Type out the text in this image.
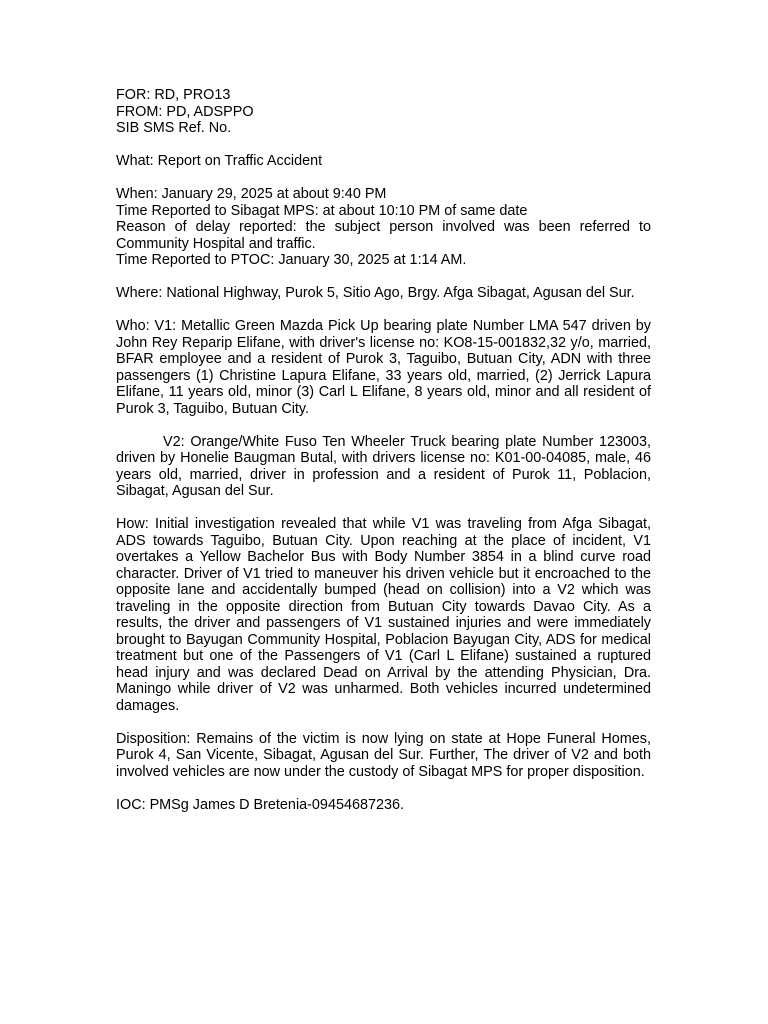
FOR: RD, PRO13
FROM: PD, ADSPPO
SIB SMS Ref. No.
What: Report on Traffic Accident
When: January 29, 2025 at about 9:40 PM
Time Reported to Sibagat MPS: at about 10:10 PM of same date

Reason of delay reported: the subject person involved was been referred to Community Hospital and traffic.

Time Reported to PTOC: January 30, 2025 at 1:14 AM.

Where: National Highway, Purok 5, Sitio Ago, Brgy. Afga Sibagat, Agusan del Sur.

Who: V1: Metallic Green Mazda Pick Up bearing plate Number LMA 547 driven by John Rey Reparip Elifane, with driver's license no: KO8-15-001832,32 y/o, married, BFAR employee and a resident of Purok 3, Taguibo, Butuan City, ADN with three passengers (1) Christine Lapura Elifane, 33 years old, married, (2) Jerrick Lapura Elifane, 11 years old, minor (3) Carl L Elifane, 8 years old, minor and all resident of Purok 3, Taguibo, Butuan City.

V2: Orange/White Fuso Ten Wheeler Truck bearing plate Number 123003, driven by Honelie Baugman Butal, with drivers license no: K01-00-04085, male, 46 years old, married, driver in profession and a resident of Purok 11, Poblacion, Sibagat, Agusan del Sur.

How: Initial investigation revealed that while V1 was traveling from Afga Sibagat, ADS towards Taguibo, Butuan City. Upon reaching at the place of incident, V1 overtakes a Yellow Bachelor Bus with Body Number 3854 in a blind curve road character. Driver of V1 tried to maneuver his driven vehicle but it encroached to the opposite lane and accidentally bumped (head on collision) into a V2 which was traveling in the opposite direction from Butuan City towards Davao City. As a results, the driver and passengers of V1 sustained injuries and were immediately brought to Bayugan Community Hospital, Poblacion Bayugan City, ADS for medical treatment but one of the Passengers of V1 (Carl L Elifane) sustained a ruptured head injury and was declared Dead on Arrival by the attending Physician, Dra. Maningo while driver of V2 was unharmed. Both vehicles incurred undetermined damages.

Disposition: Remains of the victim is now lying on state at Hope Funeral Homes, Purok 4, San Vicente, Sibagat, Agusan del Sur. Further, The driver of V2 and both involved vehicles are now under the custody of Sibagat MPS for proper disposition.

IOC: PMSg James D Bretenia-09454687236.
